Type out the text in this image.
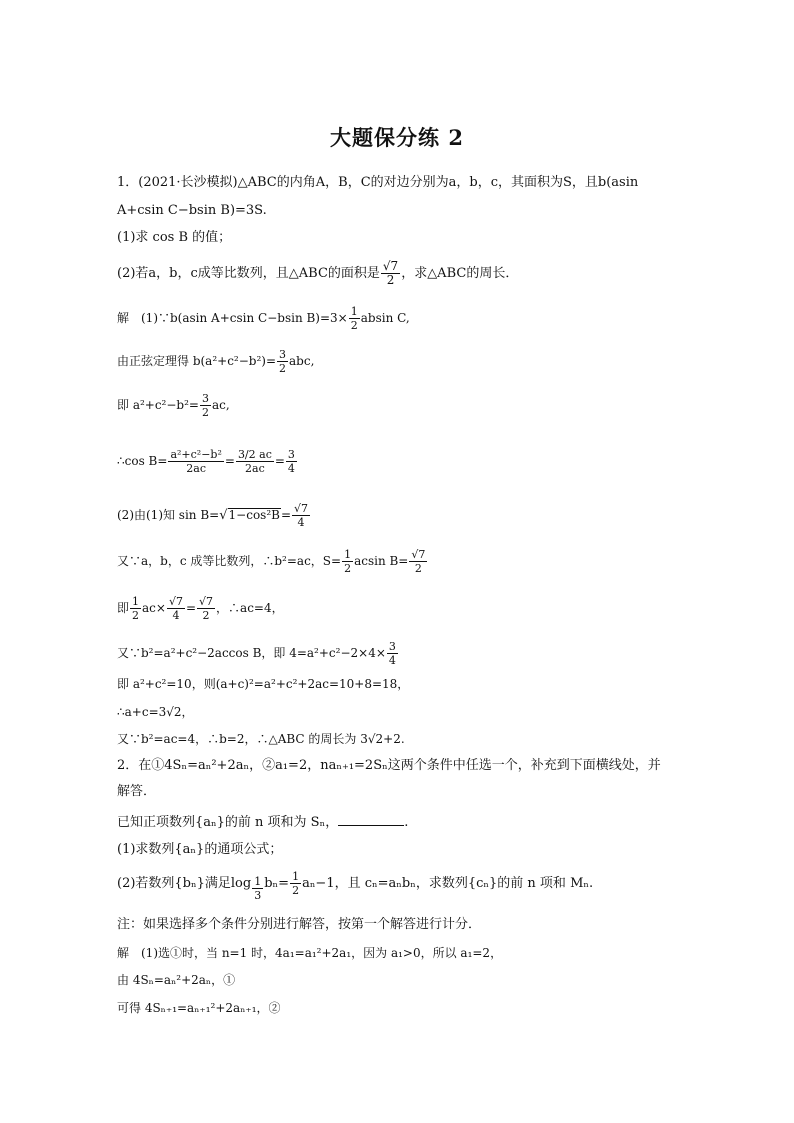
大题保分练 2
1．(2021·长沙模拟)△ABC的内角A，B，C的对边分别为a，b，c，其面积为S，且b(asin
A+csin C−bsin B)=3S.
(1)求 cos B 的值；
(2)若a，b，c成等比数列，且△ABC的面积是 $\frac{√7}{2}$ ，求△ABC的周长．
解　(1)∵b(asin A+csin C−bsin $B)=3\times \frac{1}{2}$ absin C,
由正弦定理得 $b(a^2+c^2-b^2)= \frac{3}{2}$ abc,
即 $a^2+c^2-b^2= \frac{3}{2}$ ac,
∴cos $B= \frac{\text{a²+c²−b²}}{2ac} = \frac{3/2 ac}{2ac} = \frac{3}{4}$
(2)由(1)知 $\sin B=√1-\cos^2B= \frac{√7}{4}$
又∵a，b，c 成等比数列，∴b²=ac，$S= \frac{1}{2}$ acsin $B= \frac{√7}{2}$
即 $\frac{1}{2} ac\times \frac{√7}{4} = \frac{√7}{2}$ ，∴ac=4，
又∵b²=a²+c²−2accos B，即 $4=a^2+c^2-2\times 4\times \frac{3}{4}$
即 a²+c²=10，则(a+c)²=a²+c²+2ac=10+8=18，
∴a+c=3√2，
又∵b²=ac=4，∴b=2，∴△ABC 的周长为 3√2+2.
2．在①4Sₙ=aₙ²+2aₙ，②a₁=2，naₙ₊₁=2Sₙ这两个条件中任选一个，补充到下面横线处，并
解答．
已知正项数列{aₙ}的前 n 项和为 Sₙ，	.
(1)求数列{aₙ}的通项公式；
(2)若数列{bₙ}满足$\log \frac{1}{3} b_n= \frac{1}{2} a_n-1$，且 cₙ=aₙbₙ，求数列{cₙ}的前 n 项和 Mₙ.
注：如果选择多个条件分别进行解答，按第一个解答进行计分．
解　(1)选①时，当 n=1 时，4a₁=a₁²+2a₁，因为 a₁>0，所以 a₁=2，
由 4Sₙ=aₙ²+2aₙ，①
可得 4Sₙ₊₁=aₙ₊₁²+2aₙ₊₁，②
